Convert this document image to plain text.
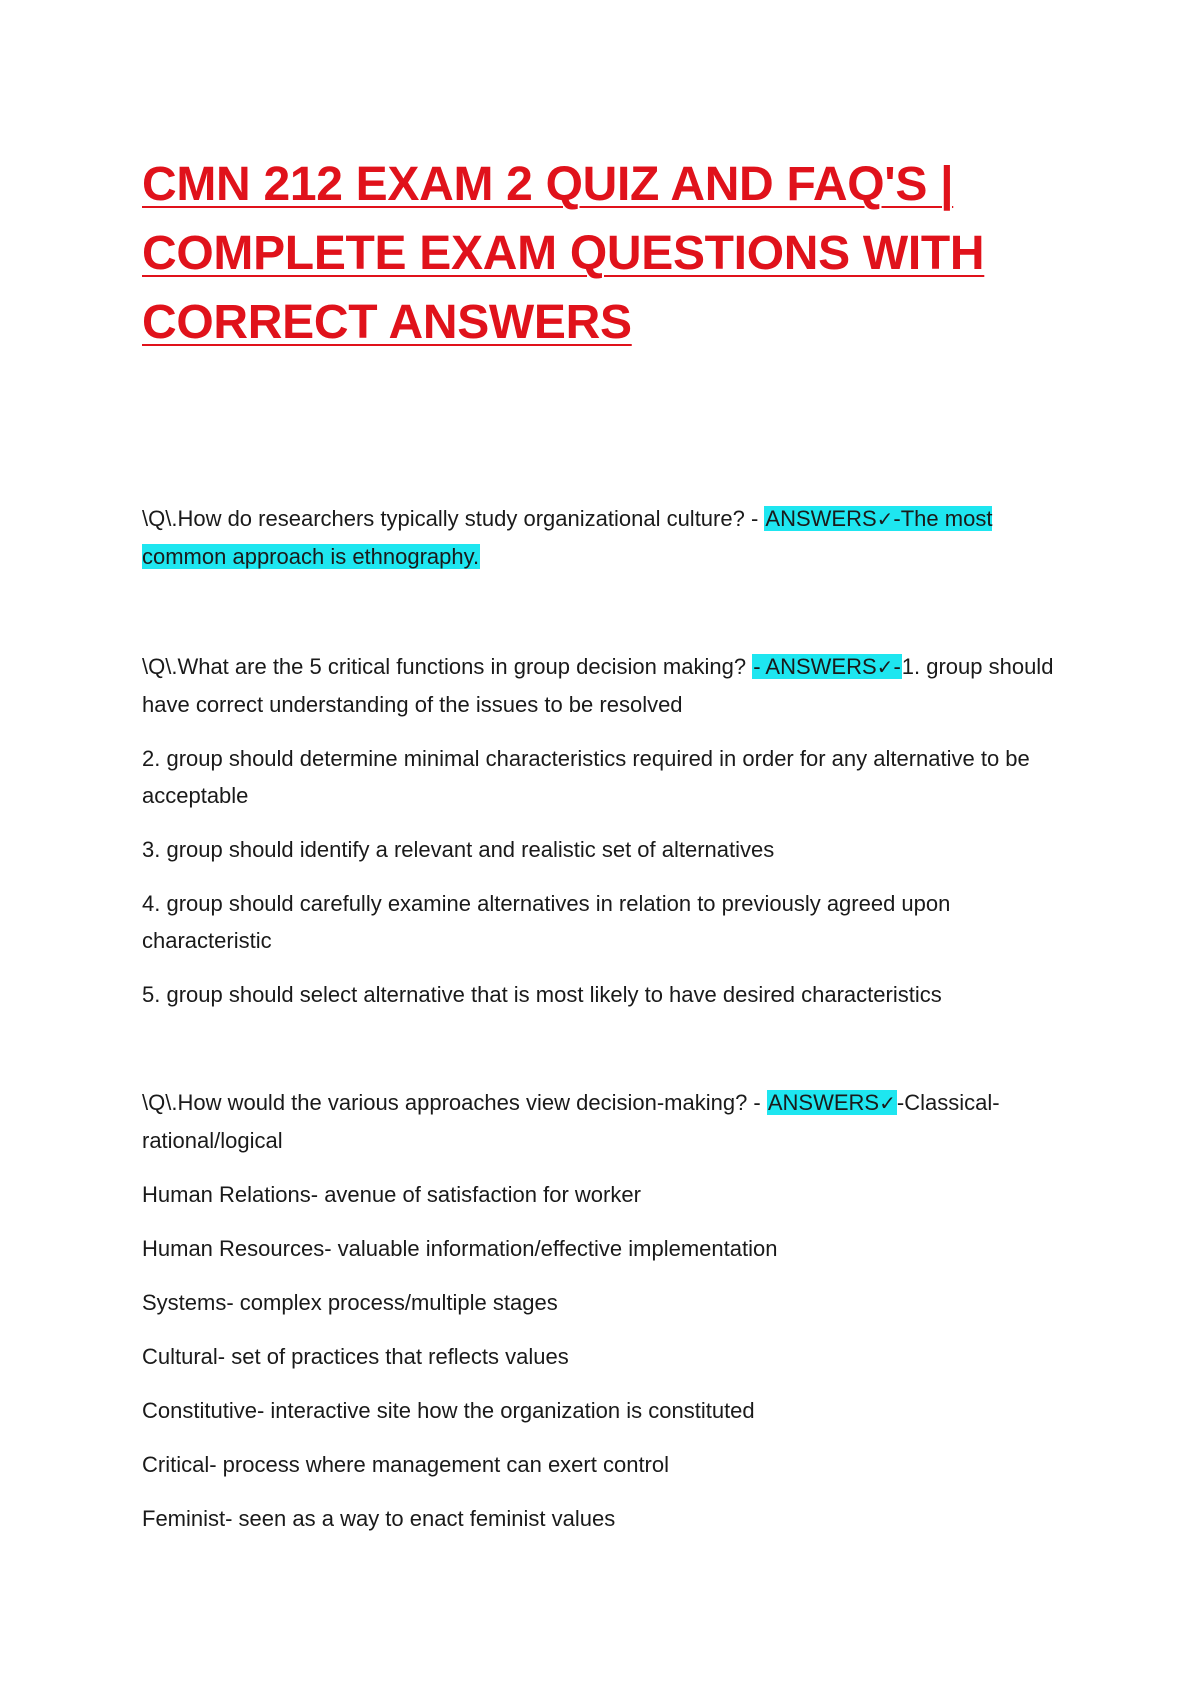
CMN 212 EXAM 2 QUIZ AND FAQ'S |
COMPLETE EXAM QUESTIONS WITH
CORRECT ANSWERS

\Q\.How do researchers typically study organizational culture? - ANSWERS✓-The most common approach is ethnography.

\Q\.What are the 5 critical functions in group decision making? - ANSWERS✓-1. group should have correct understanding of the issues to be resolved

2. group should determine minimal characteristics required in order for any alternative to be acceptable

3. group should identify a relevant and realistic set of alternatives

4. group should carefully examine alternatives in relation to previously agreed upon characteristic

5. group should select alternative that is most likely to have desired characteristics

\Q\.How would the various approaches view decision-making? - ANSWERS✓-Classical-rational/logical

Human Relations- avenue of satisfaction for worker

Human Resources- valuable information/effective implementation

Systems- complex process/multiple stages

Cultural- set of practices that reflects values

Constitutive- interactive site how the organization is constituted

Critical- process where management can exert control

Feminist- seen as a way to enact feminist values
